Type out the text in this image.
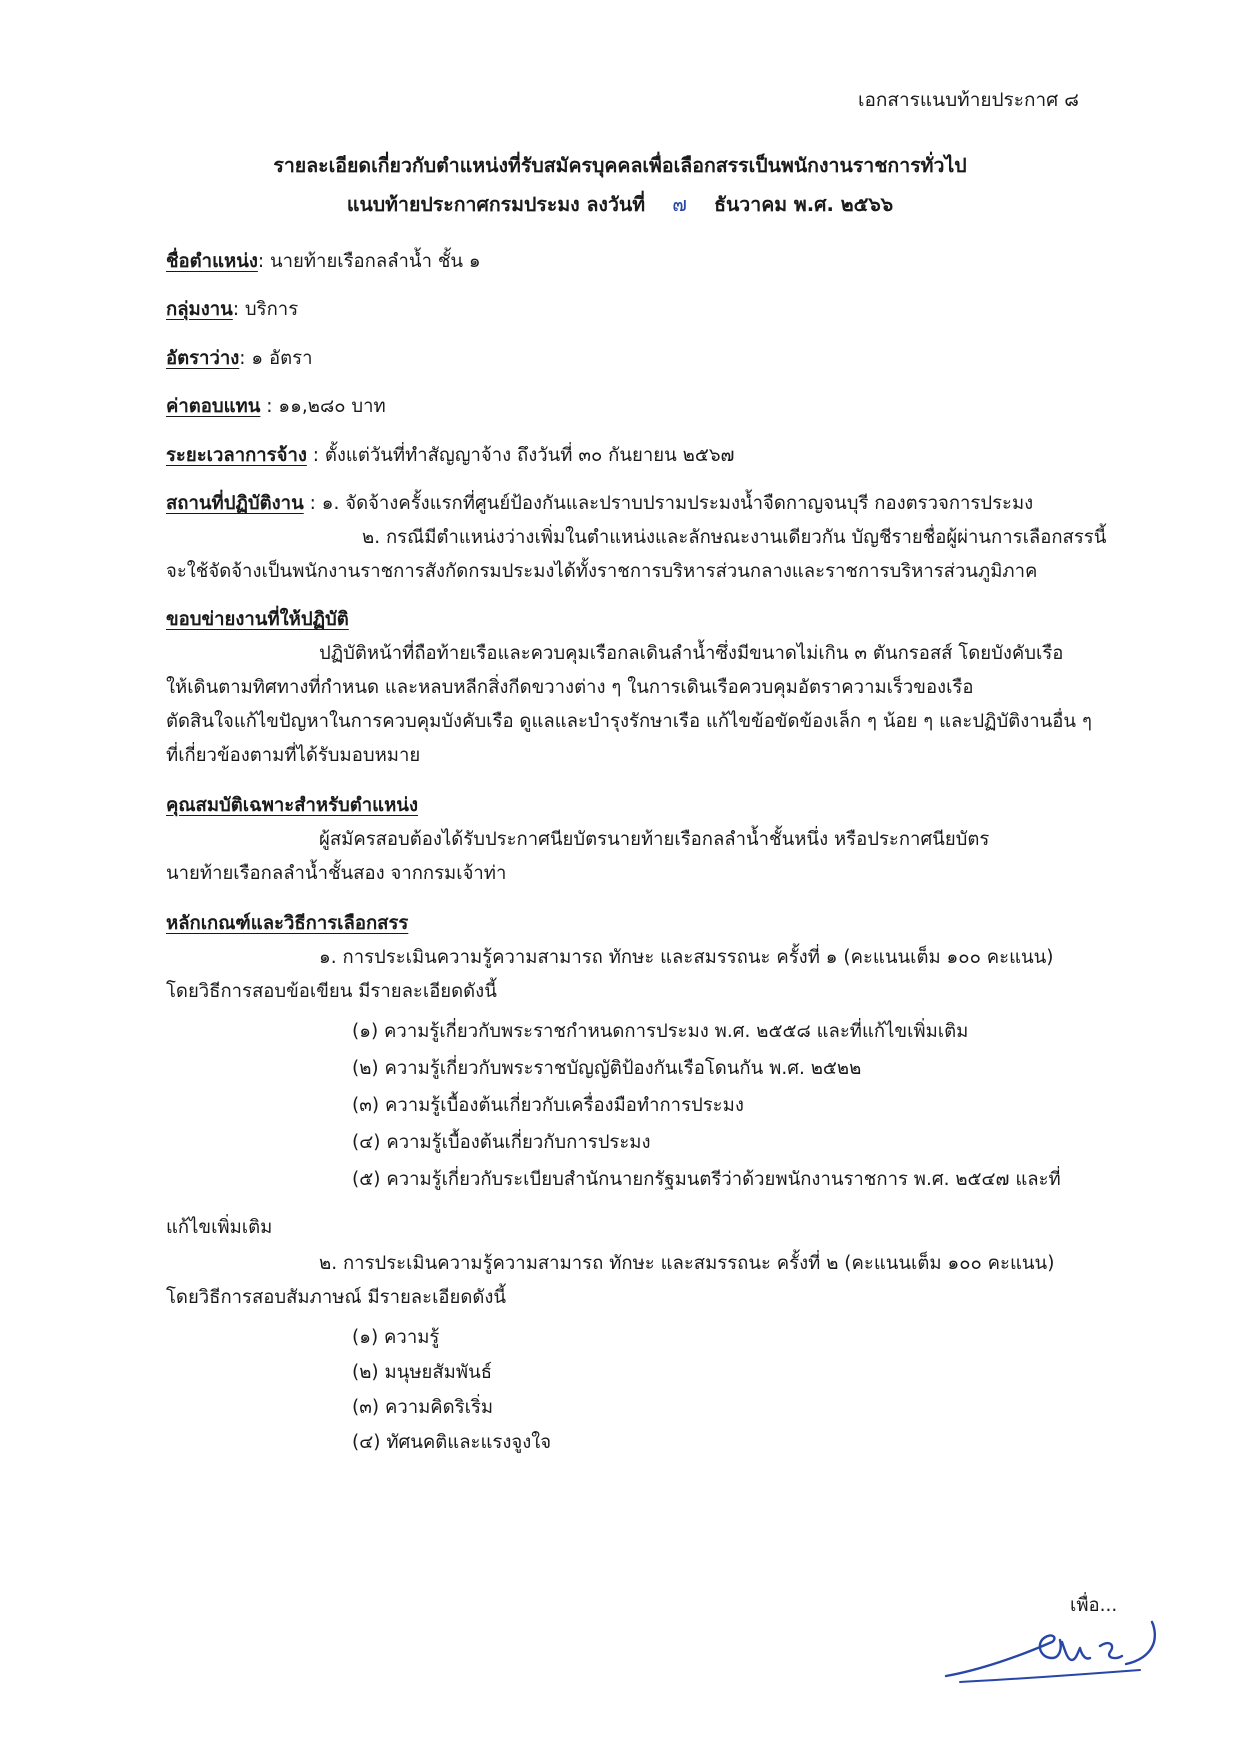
เอกสารแนบท้ายประกาศ ๘
รายละเอียดเกี่ยวกับตำแหน่งที่รับสมัครบุคคลเพื่อเลือกสรรเป็นพนักงานราชการทั่วไป
แนบท้ายประกาศกรมประมง ลงวันที่ ๗ ธันวาคม พ.ศ. ๒๕๖๖
ชื่อตำแหน่ง: นายท้ายเรือกลลำน้ำ ชั้น ๑
กลุ่มงาน: บริการ
อัตราว่าง: ๑ อัตรา
ค่าตอบแทน : ๑๑,๒๘๐ บาท
ระยะเวลาการจ้าง : ตั้งแต่วันที่ทำสัญญาจ้าง ถึงวันที่ ๓๐ กันยายน ๒๕๖๗
สถานที่ปฏิบัติงาน : ๑. จัดจ้างครั้งแรกที่ศูนย์ป้องกันและปราบปรามประมงน้ำจืดกาญจนบุรี กองตรวจการประมง
๒. กรณีมีตำแหน่งว่างเพิ่มในตำแหน่งและลักษณะงานเดียวกัน บัญชีรายชื่อผู้ผ่านการเลือกสรรนี้
จะใช้จัดจ้างเป็นพนักงานราชการสังกัดกรมประมงได้ทั้งราชการบริหารส่วนกลางและราชการบริหารส่วนภูมิภาค
ขอบข่ายงานที่ให้ปฏิบัติ
ปฏิบัติหน้าที่ถือท้ายเรือและควบคุมเรือกลเดินลำน้ำซึ่งมีขนาดไม่เกิน ๓ ตันกรอสส์ โดยบังคับเรือ
ให้เดินตามทิศทางที่กำหนด และหลบหลีกสิ่งกีดขวางต่าง ๆ ในการเดินเรือควบคุมอัตราความเร็วของเรือ
ตัดสินใจแก้ไขปัญหาในการควบคุมบังคับเรือ ดูแลและบำรุงรักษาเรือ แก้ไขข้อขัดข้องเล็ก ๆ น้อย ๆ และปฏิบัติงานอื่น ๆ
ที่เกี่ยวข้องตามที่ได้รับมอบหมาย
คุณสมบัติเฉพาะสำหรับตำแหน่ง
ผู้สมัครสอบต้องได้รับประกาศนียบัตรนายท้ายเรือกลลำน้ำชั้นหนึ่ง หรือประกาศนียบัตร
นายท้ายเรือกลลำน้ำชั้นสอง จากกรมเจ้าท่า
หลักเกณฑ์และวิธีการเลือกสรร
๑. การประเมินความรู้ความสามารถ ทักษะ และสมรรถนะ ครั้งที่ ๑ (คะแนนเต็ม ๑๐๐ คะแนน)
โดยวิธีการสอบข้อเขียน มีรายละเอียดดังนี้
(๑) ความรู้เกี่ยวกับพระราชกำหนดการประมง พ.ศ. ๒๕๕๘ และที่แก้ไขเพิ่มเติม
(๒) ความรู้เกี่ยวกับพระราชบัญญัติป้องกันเรือโดนกัน พ.ศ. ๒๕๒๒
(๓) ความรู้เบื้องต้นเกี่ยวกับเครื่องมือทำการประมง
(๔) ความรู้เบื้องต้นเกี่ยวกับการประมง
(๕) ความรู้เกี่ยวกับระเบียบสำนักนายกรัฐมนตรีว่าด้วยพนักงานราชการ พ.ศ. ๒๕๔๗ และที่
แก้ไขเพิ่มเติม
๒. การประเมินความรู้ความสามารถ ทักษะ และสมรรถนะ ครั้งที่ ๒ (คะแนนเต็ม ๑๐๐ คะแนน)
โดยวิธีการสอบสัมภาษณ์ มีรายละเอียดดังนี้
(๑) ความรู้
(๒) มนุษยสัมพันธ์
(๓) ความคิดริเริ่ม
(๔) ทัศนคติและแรงจูงใจ
เพื่อ...
